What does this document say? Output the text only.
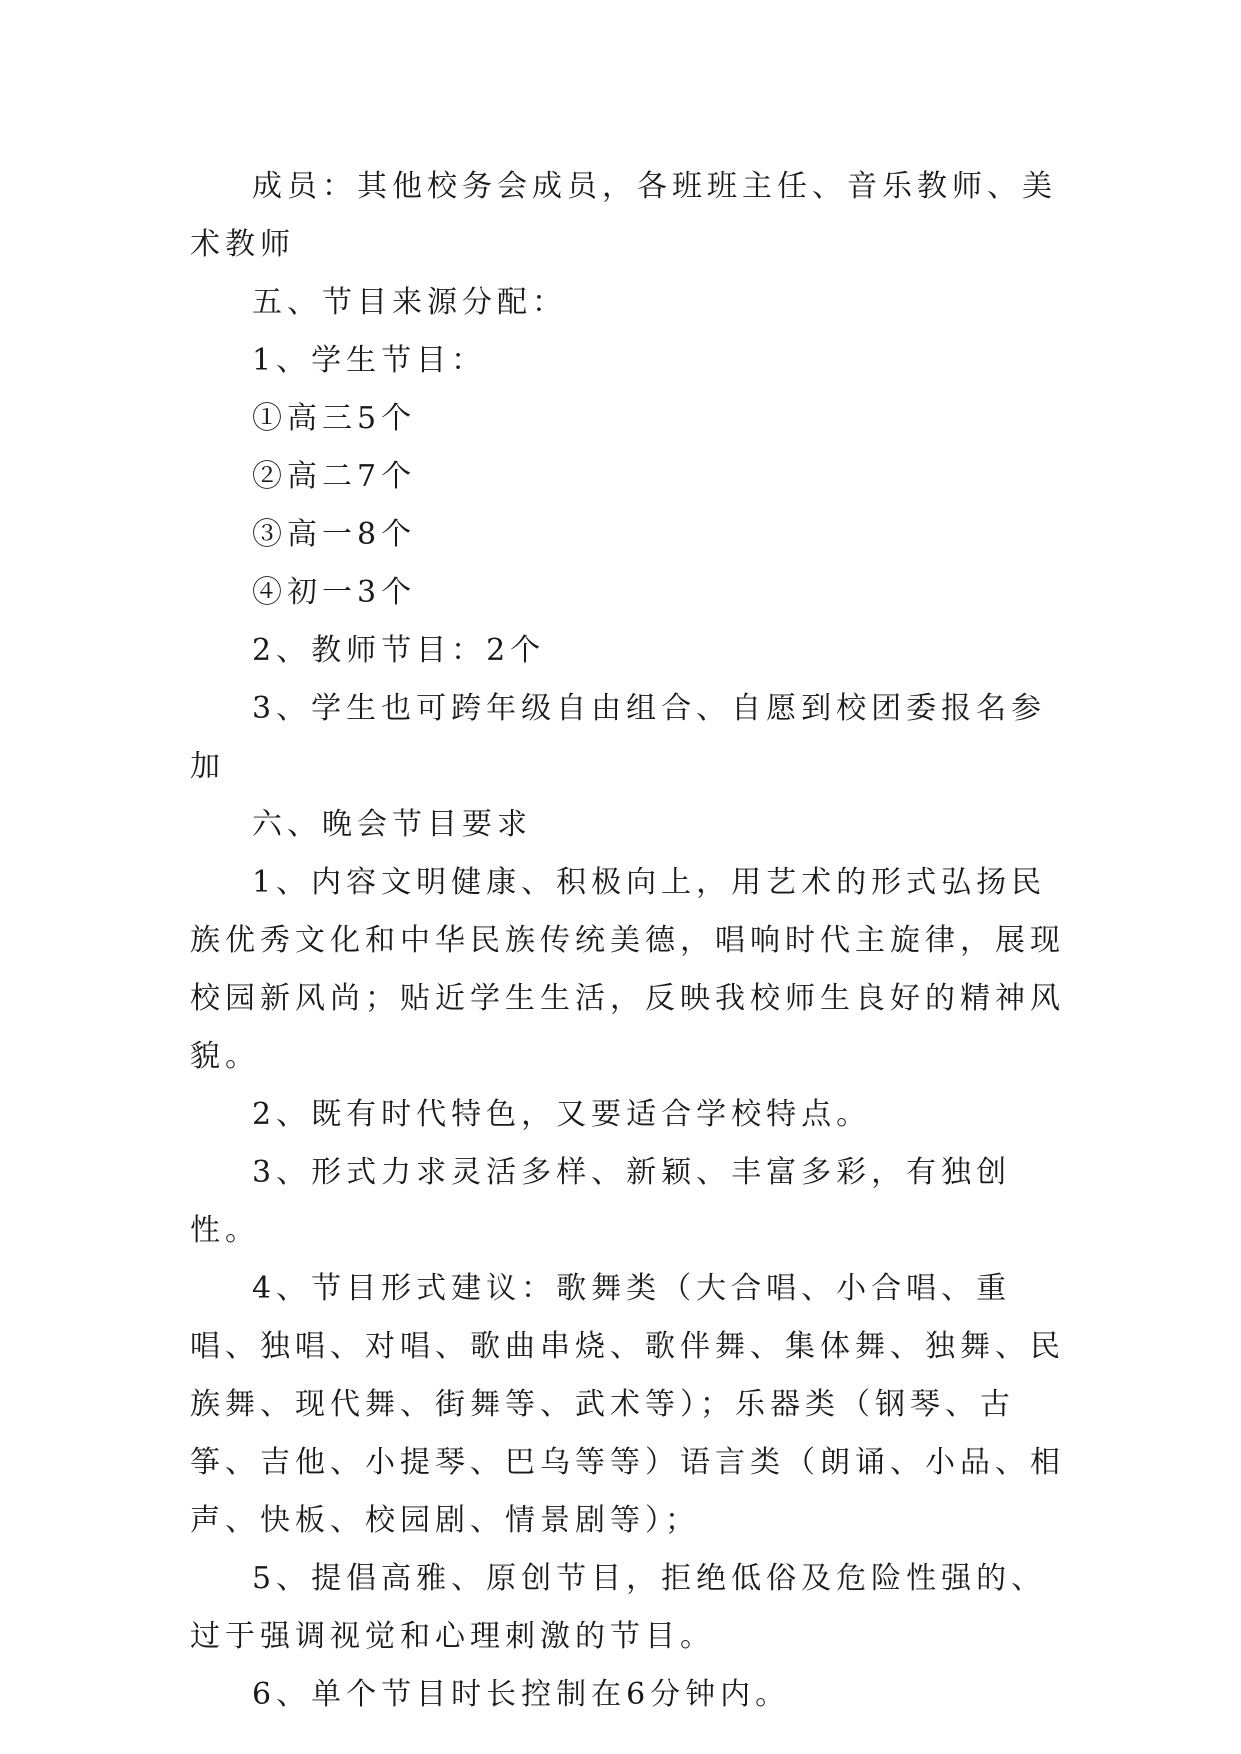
成员：其他校务会成员，各班班主任、音乐教师、美术教师

五、节目来源分配：

1、学生节目：

①高三5个

②高二7个

③高一8个

④初一3个

2、教师节目：2个

3、学生也可跨年级自由组合、自愿到校团委报名参加

六、晚会节目要求

1、内容文明健康、积极向上，用艺术的形式弘扬民族优秀文化和中华民族传统美德，唱响时代主旋律，展现校园新风尚；贴近学生生活，反映我校师生良好的精神风貌。

2、既有时代特色，又要适合学校特点。

3、形式力求灵活多样、新颖、丰富多彩，有独创性。

4、节目形式建议：歌舞类（大合唱、小合唱、重唱、独唱、对唱、歌曲串烧、歌伴舞、集体舞、独舞、民族舞、现代舞、街舞等、武术等）；乐器类（钢琴、古筝、吉他、小提琴、巴乌等等）语言类（朗诵、小品、相声、快板、校园剧、情景剧等）；

5、提倡高雅、原创节目，拒绝低俗及危险性强的、过于强调视觉和心理刺激的节目。

6、单个节目时长控制在6分钟内。
